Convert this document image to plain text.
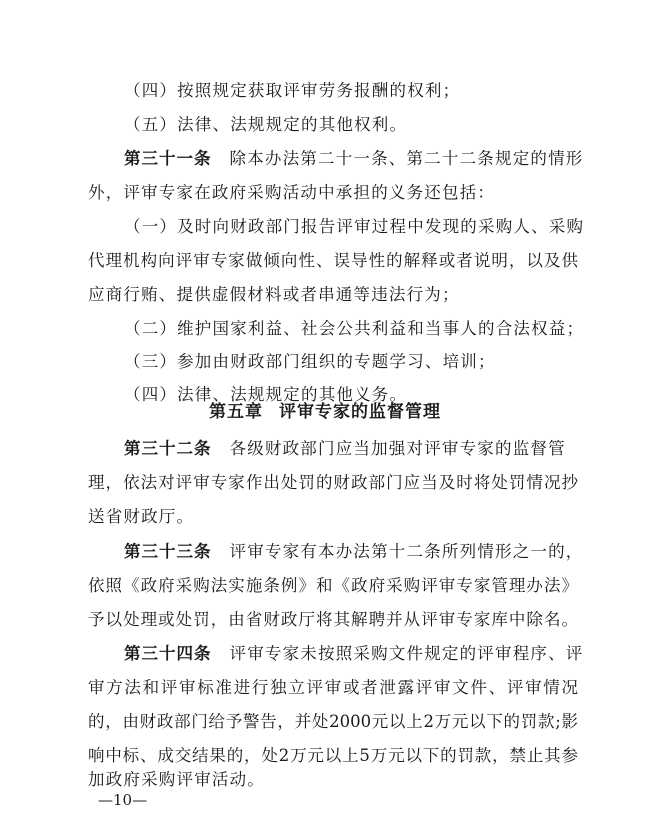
（四）按照规定获取评审劳务报酬的权利；
（五）法律、法规规定的其他权利。
第三十一条 除本办法第二十一条、第二十二条规定的情形
外，评审专家在政府采购活动中承担的义务还包括：
（一）及时向财政部门报告评审过程中发现的采购人、采购
代理机构向评审专家做倾向性、误导性的解释或者说明，以及供
应商行贿、提供虚假材料或者串通等违法行为；
（二）维护国家利益、社会公共利益和当事人的合法权益；
（三）参加由财政部门组织的专题学习、培训；
（四）法律、法规规定的其他义务。
第五章 评审专家的监督管理
第三十二条 各级财政部门应当加强对评审专家的监督管
理，依法对评审专家作出处罚的财政部门应当及时将处罚情况抄
送省财政厅。
第三十三条 评审专家有本办法第十二条所列情形之一的，
依照《政府采购法实施条例》和《政府采购评审专家管理办法》
予以处理或处罚，由省财政厅将其解聘并从评审专家库中除名。
第三十四条 评审专家未按照采购文件规定的评审程序、评
审方法和评审标准进行独立评审或者泄露评审文件、评审情况
的，由财政部门给予警告，并处2000元以上2万元以下的罚款;影
响中标、成交结果的，处2万元以上5万元以下的罚款，禁止其参
加政府采购评审活动。
—10—
